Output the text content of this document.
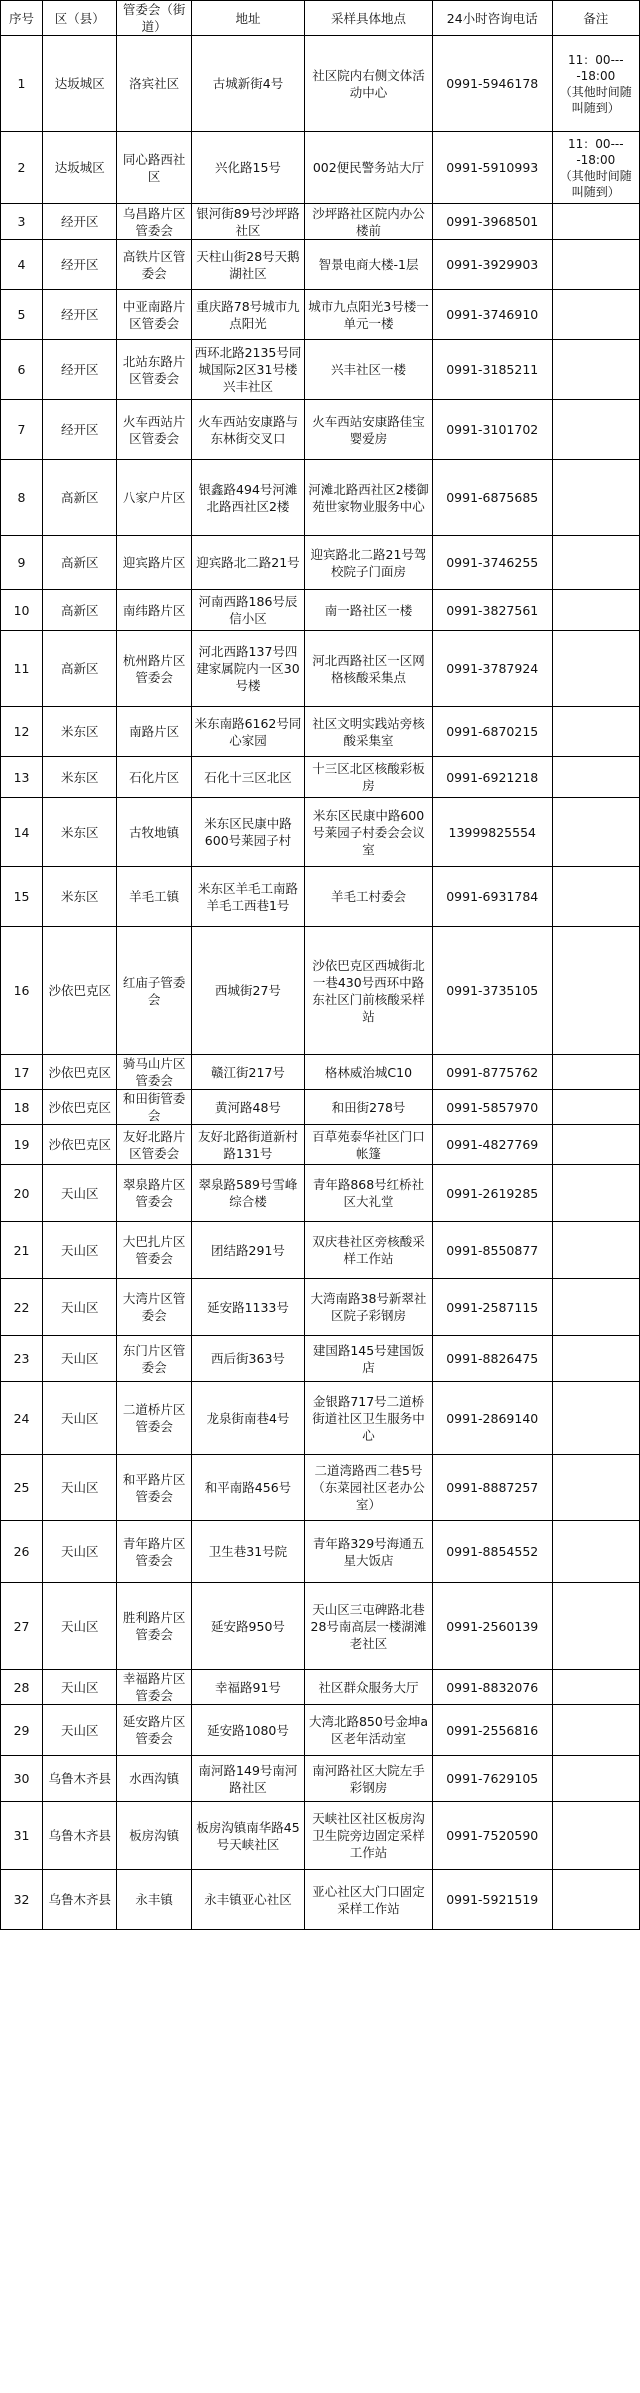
序号	区（县）	管委会（街道）	地址	采样具体地点	24小时咨询电话	备注
1	达坂城区	洛宾社区	古城新街4号	社区院内右侧文体活动中心	0991-5946178	11：00----18:00
（其他时间随叫随到）
2	达坂城区	同心路西社区	兴化路15号	002便民警务站大厅	0991-5910993	11：00----18:00
（其他时间随叫随到）
3	经开区	乌昌路片区管委会	银河街89号沙坪路社区	沙坪路社区院内办公楼前	0991-3968501	
4	经开区	高铁片区管委会	天柱山街28号天鹅湖社区	智景电商大楼-1层	0991-3929903	
5	经开区	中亚南路片区管委会	重庆路78号城市九点阳光	城市九点阳光3号楼一单元一楼	0991-3746910	
6	经开区	北站东路片区管委会	西环北路2135号同城国际2区31号楼兴丰社区	兴丰社区一楼	0991-3185211	
7	经开区	火车西站片区管委会	火车西站安康路与东林街交叉口	火车西站安康路佳宝婴爱房	0991-3101702	
8	高新区	八家户片区	银鑫路494号河滩北路西社区2楼	河滩北路西社区2楼御苑世家物业服务中心	0991-6875685	
9	高新区	迎宾路片区	迎宾路北二路21号	迎宾路北二路21号驾校院子门面房	0991-3746255	
10	高新区	南纬路片区	河南西路186号辰信小区	南一路社区一楼	0991-3827561	
11	高新区	杭州路片区管委会	河北西路137号四建家属院内一区30号楼	河北西路社区一区网格核酸采集点	0991-3787924	
12	米东区	南路片区	米东南路6162号同心家园	社区文明实践站旁核酸采集室	0991-6870215	
13	米东区	石化片区	石化十三区北区	十三区北区核酸彩板房	0991-6921218	
14	米东区	古牧地镇	米东区民康中路600号莱园子村	米东区民康中路600号莱园子村委会会议室	13999825554	
15	米东区	羊毛工镇	米东区羊毛工南路羊毛工西巷1号	羊毛工村委会	0991-6931784	
16	沙依巴克区	红庙子管委会	西城街27号	沙依巴克区西城街北一巷430号西环中路东社区门前核酸采样站	0991-3735105	
17	沙依巴克区	骑马山片区管委会	赣江街217号	格林威治城C10	0991-8775762	
18	沙依巴克区	和田街管委会	黄河路48号	和田街278号	0991-5857970	
19	沙依巴克区	友好北路片区管委会	友好北路街道新村路131号	百草苑泰华社区门口帐篷	0991-4827769	
20	天山区	翠泉路片区管委会	翠泉路589号雪峰综合楼	青年路868号红桥社区大礼堂	0991-2619285	
21	天山区	大巴扎片区管委会	团结路291号	双庆巷社区旁核酸采样工作站	0991-8550877	
22	天山区	大湾片区管委会	延安路1133号	大湾南路38号新翠社区院子彩钢房	0991-2587115	
23	天山区	东门片区管委会	西后街363号	建国路145号建国饭店	0991-8826475	
24	天山区	二道桥片区管委会	龙泉街南巷4号	金银路717号二道桥街道社区卫生服务中心	0991-2869140	
25	天山区	和平路片区管委会	和平南路456号	二道湾路西二巷5号（东菜园社区老办公室）	0991-8887257	
26	天山区	青年路片区管委会	卫生巷31号院	青年路329号海通五星大饭店	0991-8854552	
27	天山区	胜利路片区管委会	延安路950号	天山区三屯碑路北巷28号南高层一楼湖滩老社区	0991-2560139	
28	天山区	幸福路片区管委会	幸福路91号	社区群众服务大厅	0991-8832076	
29	天山区	延安路片区管委会	延安路1080号	大湾北路850号金坤a区老年活动室	0991-2556816	
30	乌鲁木齐县	水西沟镇	南河路149号南河路社区	南河路社区大院左手彩钢房	0991-7629105	
31	乌鲁木齐县	板房沟镇	板房沟镇南华路45号天峡社区	天峡社区社区板房沟卫生院旁边固定采样工作站	0991-7520590	
32	乌鲁木齐县	永丰镇	永丰镇亚心社区	亚心社区大门口固定采样工作站	0991-5921519	
